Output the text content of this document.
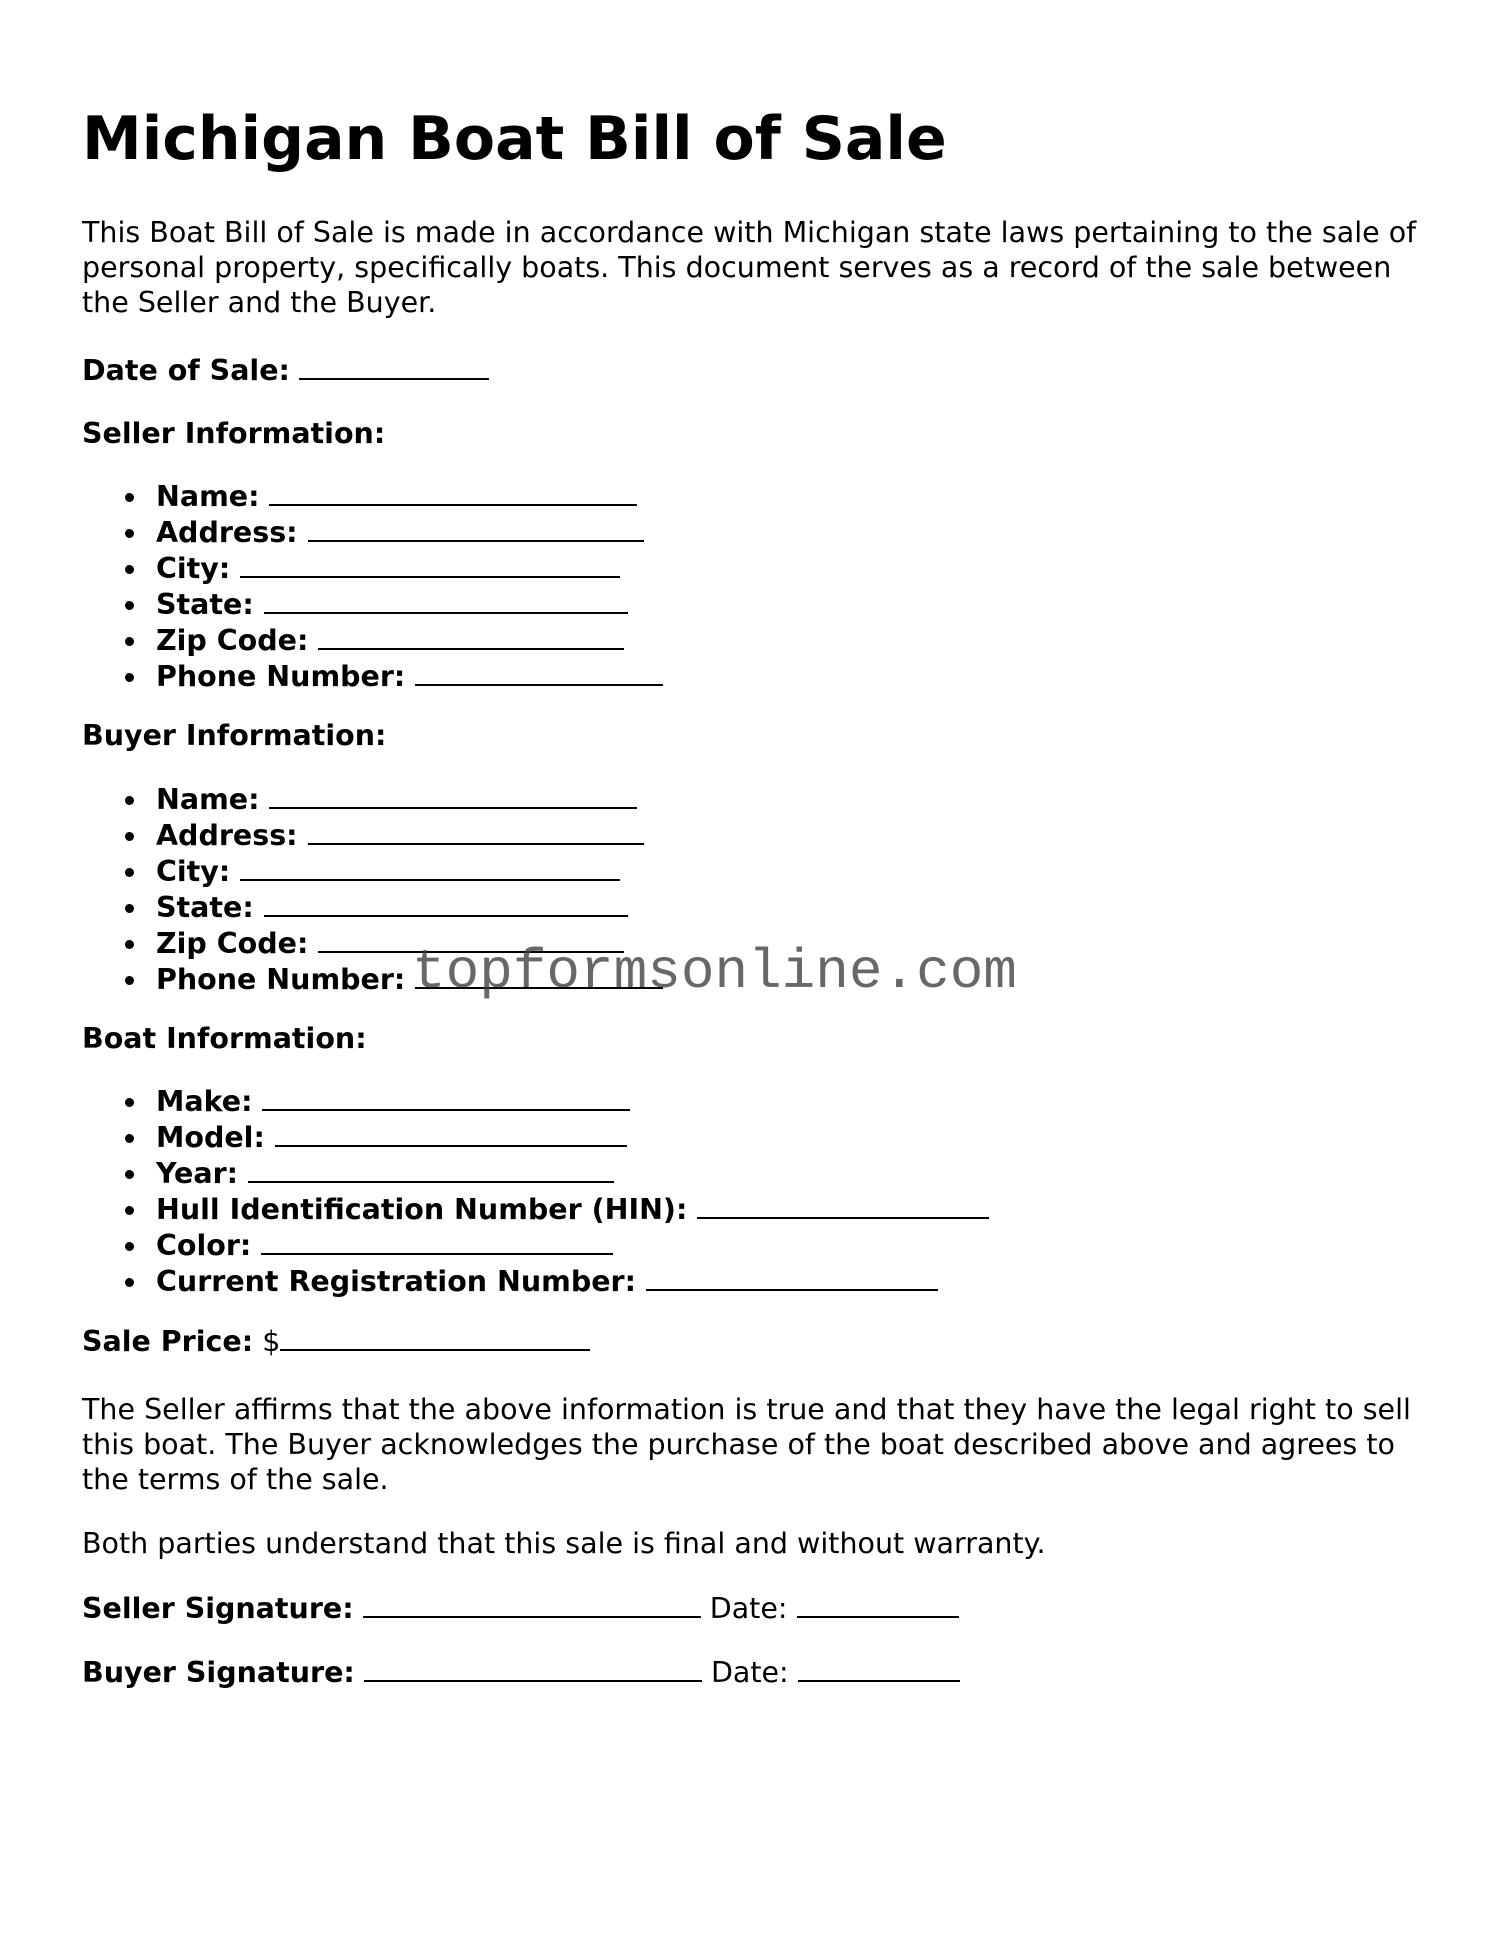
Michigan Boat Bill of Sale

This Boat Bill of Sale is made in accordance with Michigan state laws pertaining to the sale of personal property, specifically boats. This document serves as a record of the sale between the Seller and the Buyer.

Date of Sale:

Seller Information:

Name:
Address:
City:
State:
Zip Code:
Phone Number:

Buyer Information:

Name:
Address:
City:
State:
Zip Code:
Phone Number:

Boat Information:

Make:
Model:
Year:
Hull Identification Number (HIN):
Color:
Current Registration Number:

Sale Price: $

The Seller affirms that the above information is true and that they have the legal right to sell this boat. The Buyer acknowledges the purchase of the boat described above and agrees to the terms of the sale.

Both parties understand that this sale is final and without warranty.

Seller Signature:	Date:

Buyer Signature:	Date:

topformsonline.com
